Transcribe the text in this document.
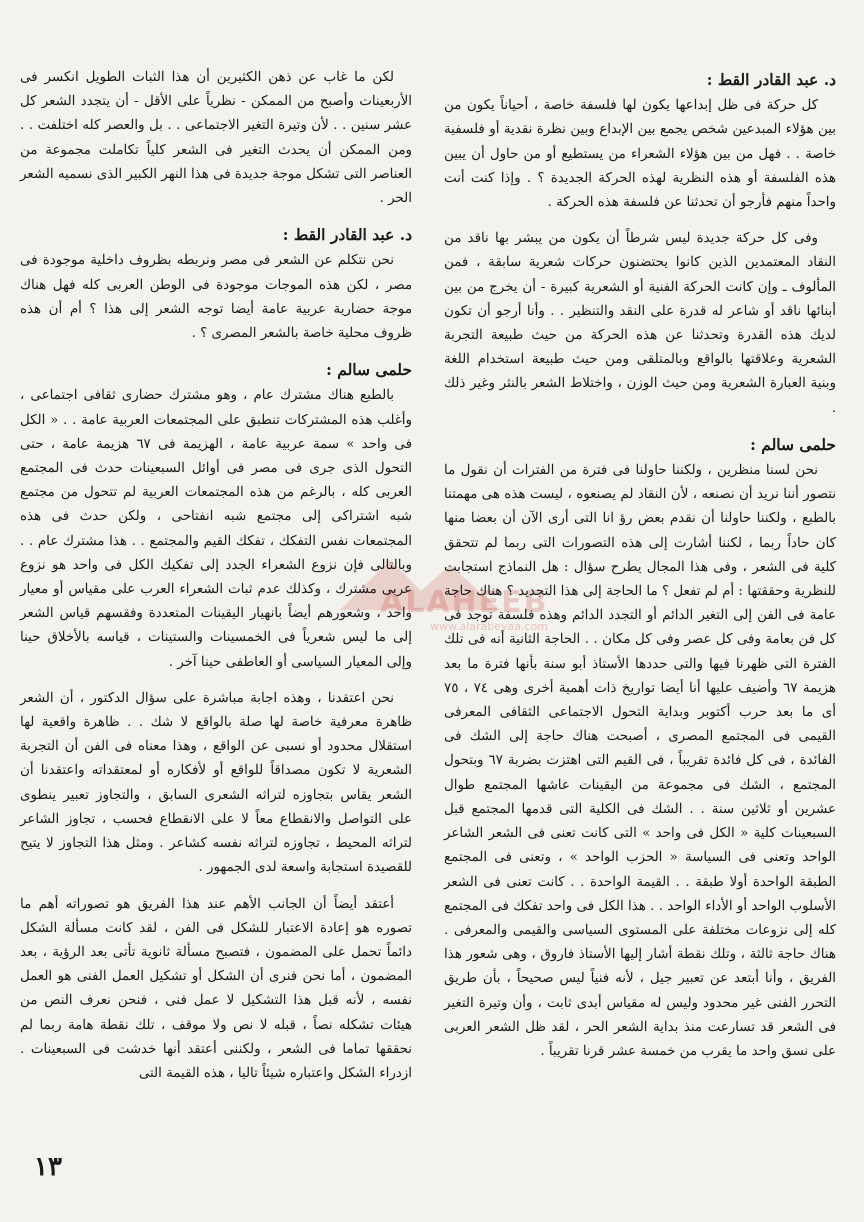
ALAHEEB
www.alarabeyaa.com
د. عبد القادر القط :
كل حركة فى ظل إبداعها يكون لها فلسفة خاصة ، أحياناً يكون من بين هؤلاء المبدعين شخص يجمع بين الإبداع وبين نظرة نقدية أو فلسفية خاصة . . فهل من بين هؤلاء الشعراء من يستطيع أو من حاول أن يبين هذه الفلسفة أو هذه النظرية لهذه الحركة الجديدة ؟ . وإذا كنت أنت واحداً منهم فأرجو أن تحدثنا عن فلسفة هذه الحركة .
وفى كل حركة جديدة ليس شرطاً أن يكون من يبشر بها ناقد من النقاد المعتمدين الذين كانوا يحتضنون حركات شعرية سابقة ، فمن المألوف ـ وإن كانت الحركة الفنية أو الشعرية كبيرة - أن يخرج من بين أبنائها ناقد أو شاعر له قدرة على النقد والتنظير . . وأنا أرجو أن تكون لديك هذه القدرة وتحدثنا عن هذه الحركة من حيث طبيعة التجربة الشعرية وعلاقتها بالواقع وبالمتلقى ومن حيث طبيعة استخدام اللغة وبنية العبارة الشعرية ومن حيث الوزن ، واختلاط الشعر بالنثر وغير ذلك .
حلمى سالم :
نحن لسنا منظرين ، ولكننا حاولنا فى فترة من الفترات أن نقول ما نتصور أننا نريد أن نصنعه ، لأن النقاد لم يصنعوه ، ليست هذه هى مهمتنا بالطبع ، ولكننا حاولنا أن نقدم بعض رؤ انا التى أرى الآن أن بعضا منها كان حاداً ربما ، لكننا أشارت إلى هذه التصورات التى ربما لم تتحقق كلية فى الشعر ، وفى هذا المجال يطرح سؤال : هل النماذج استجابت للنظرية وحققتها : أم لم تفعل ؟ ما الحاجة إلى هذا التجديد ؟ هناك حاجة عامة فى الفن إلى التغير الدائم أو التجدد الدائم وهذه فلسفة توجد فى كل فن بعامة وفى كل عصر وفى كل مكان . . الحاجة الثانية أنه فى تلك الفترة التى ظهرنا فيها والتى حددها الأستاذ أبو سنة بأنها فترة ما بعد هزيمة ٦٧ وأضيف عليها أنا أيضا تواريخ ذات أهمية أخرى وهى ٧٤ ، ٧٥ أى ما بعد حرب أكتوبر وبداية التحول الاجتماعى الثقافى المعرفى القيمى فى المجتمع المصرى ، أصبحت هناك حاجة إلى الشك فى الفائدة ، فى كل فائدة تقريباً ، فى القيم التى اهتزت بضربة ٦٧ وبتحول المجتمع ، الشك فى مجموعة من اليقينات عاشها المجتمع طوال عشرين أو ثلاثين سنة . . الشك فى الكلية التى قدمها المجتمع قبل السبعينات كلية « الكل فى واحد » التى كانت تعنى فى الشعر الشاعر الواحد وتعنى فى السياسة « الحزب الواحد » ، وتعنى فى المجتمع الطبقة الواحدة أولا طبقة . . القيمة الواحدة . . كانت تعنى فى الشعر الأسلوب الواحد أو الأداء الواحد . . هذا الكل فى واحد تفكك فى المجتمع كله إلى نزوعات مختلفة على المستوى السياسى والقيمى والمعرفى . هناك حاجة ثالثة ، وتلك نقطة أشار إليها الأستاذ فاروق ، وهى شعور هذا الفريق ، وأنا أبتعد عن تعبير جيل ، لأنه فنياً ليس صحيحاً ، بأن طريق التحرر الفنى غير محدود وليس له مقياس أبدى ثابت ، وأن وتيرة التغير فى الشعر قد تسارعت منذ بداية الشعر الحر ، لقد ظل الشعر العربى على نسق واحد ما يقرب من خمسة عشر قرنا تقريباً .
لكن ما غاب عن ذهن الكثيرين أن هذا الثبات الطويل انكسر فى الأربعينات وأصبح من الممكن - نظرياً على الأقل - أن يتجدد الشعر كل عشر سنين . . لأن وتيرة التغير الاجتماعى . . بل والعصر كله اختلفت . . ومن الممكن أن يحدث التغير فى الشعر كلياً تكاملت مجموعة من العناصر التى تشكل موجة جديدة فى هذا النهر الكبير الذى نسميه الشعر الحر .
د. عبد القادر القط :
نحن نتكلم عن الشعر فى مصر ونربطه بظروف داخلية موجودة فى مصر ، لكن هذه الموجات موجودة فى الوطن العربى كله فهل هناك موجة حضارية عربية عامة أيضا توجه الشعر إلى هذا ؟ أم أن هذه ظروف محلية خاصة بالشعر المصرى ؟ .
حلمى سالم :
بالطبع هناك مشترك عام ، وهو مشترك حضارى ثقافى اجتماعى ، وأغلب هذه المشتركات تنطبق على المجتمعات العربية عامة . . « الكل فى واحد » سمة عربية عامة ، الهزيمة فى ٦٧ هزيمة عامة ، حتى التحول الذى جرى فى مصر فى أوائل السبعينات حدث فى المجتمع العربى كله ، بالرغم من هذه المجتمعات العربية لم تتحول من مجتمع شبه اشتراكى إلى مجتمع شبه انفتاحى ، ولكن حدث فى هذه المجتمعات نفس التفكك ، تفكك القيم والمجتمع . . هذا مشترك عام . . وبالتالى فإن نزوع الشعراء الجدد إلى تفكيك الكل فى واحد هو نزوع عربى مشترك ، وكذلك عدم ثبات الشعراء العرب على مقياس أو معيار واحد ، وشعورهم أيضاً بانهيار اليقينات المتعددة وفقسهم قياس الشعر إلى ما ليس شعرياً فى الخمسينات والستينات ، قياسه بالأخلاق حينا وإلى المعيار السياسى أو العاطفى حينا آخر .
نحن اعتقدنا ، وهذه اجابة مباشرة على سؤال الدكتور ، أن الشعر ظاهرة معرفية خاصة لها صلة بالواقع لا شك . . ظاهرة واقعية لها استقلال محدود أو نسبى عن الواقع ، وهذا معناه فى الفن أن التجربة الشعرية لا تكون مصداقاً للواقع أو لأفكاره أو لمعتقداته واعتقدنا أن الشعر يقاس بتجاوزه لتراثه الشعرى السابق ، والتجاوز تعبير ينطوى على التواصل والانقطاع معاً لا على الانقطاع فحسب ، تجاوز الشاعر لتراثه المحيط ، تجاوزه لتراثه نفسه كشاعر . ومثل هذا التجاوز لا يتيح للقصيدة استجابة واسعة لدى الجمهور .
أعتقد أيضاً أن الجانب الأهم عند هذا الفريق هو تصوراته أهم ما تصوره هو إعادة الاعتبار للشكل فى الفن ، لقد كانت مسألة الشكل دائماً تحمل على المضمون ، فتصبح مسألة ثانوية تأتى بعد الرؤية ، بعد المضمون ، أما نحن فنرى أن الشكل أو تشكيل العمل الفنى هو العمل نفسه ، لأنه قبل هذا التشكيل لا عمل فنى ، فنحن نعرف النص من هيئات تشكله نصاً ، قبله لا نص ولا موقف ، تلك نقطة هامة ربما لم نحققها تماما فى الشعر ، ولكننى أعتقد أنها خدشت فى السبعينات . ازدراء الشكل واعتباره شيئاً تاليا ، هذه القيمة التى
١٣
